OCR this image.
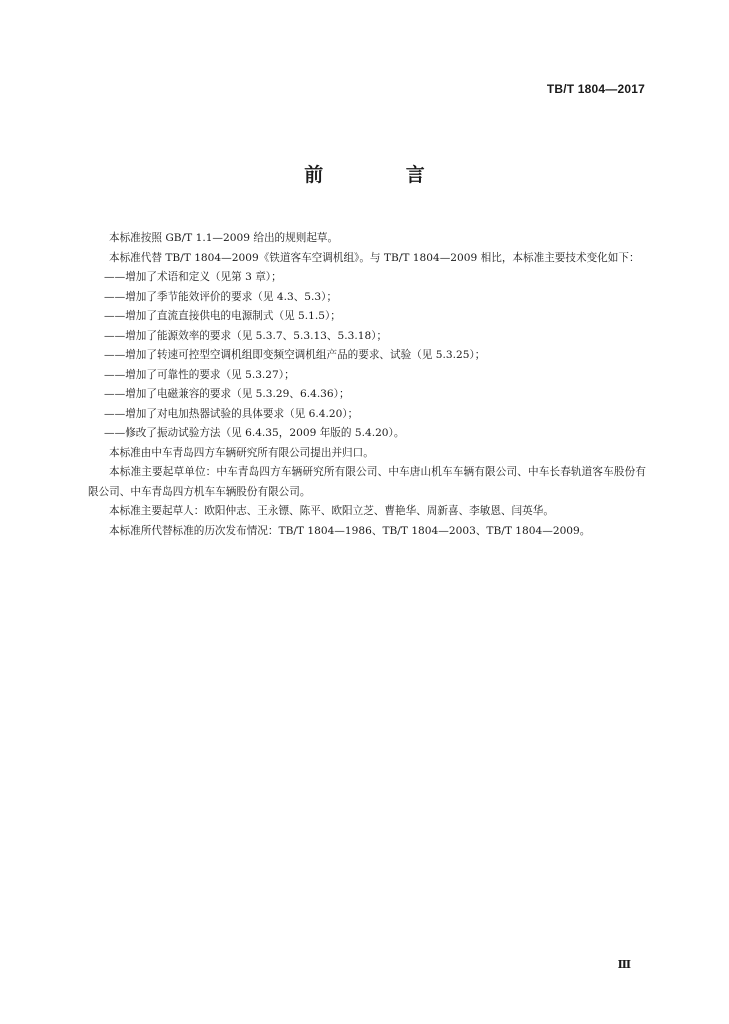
TB/T 1804—2017
前 言

本标准按照 GB/T 1.1—2009 给出的规则起草。

本标准代替 TB/T 1804—2009《铁道客车空调机组》。与 TB/T 1804—2009 相比，本标准主要技术变化如下：

——增加了术语和定义（见第 3 章）；

——增加了季节能效评价的要求（见 4.3、5.3）；

——增加了直流直接供电的电源制式（见 5.1.5）；

——增加了能源效率的要求（见 5.3.7、5.3.13、5.3.18）；

——增加了转速可控型空调机组即变频空调机组产品的要求、试验（见 5.3.25）；

——增加了可靠性的要求（见 5.3.27）；

——增加了电磁兼容的要求（见 5.3.29、6.4.36）；

——增加了对电加热器试验的具体要求（见 6.4.20）；

——修改了振动试验方法（见 6.4.35，2009 年版的 5.4.20）。

本标准由中车青岛四方车辆研究所有限公司提出并归口。

本标准主要起草单位：中车青岛四方车辆研究所有限公司、中车唐山机车车辆有限公司、中车长春轨道客车股份有限公司、中车青岛四方机车车辆股份有限公司。

本标准主要起草人：欧阳仲志、王永镖、陈平、欧阳立芝、曹艳华、周新喜、李敏恩、闫英华。

本标准所代替标准的历次发布情况：TB/T 1804—1986、TB/T 1804—2003、TB/T 1804—2009。

Ⅲ
